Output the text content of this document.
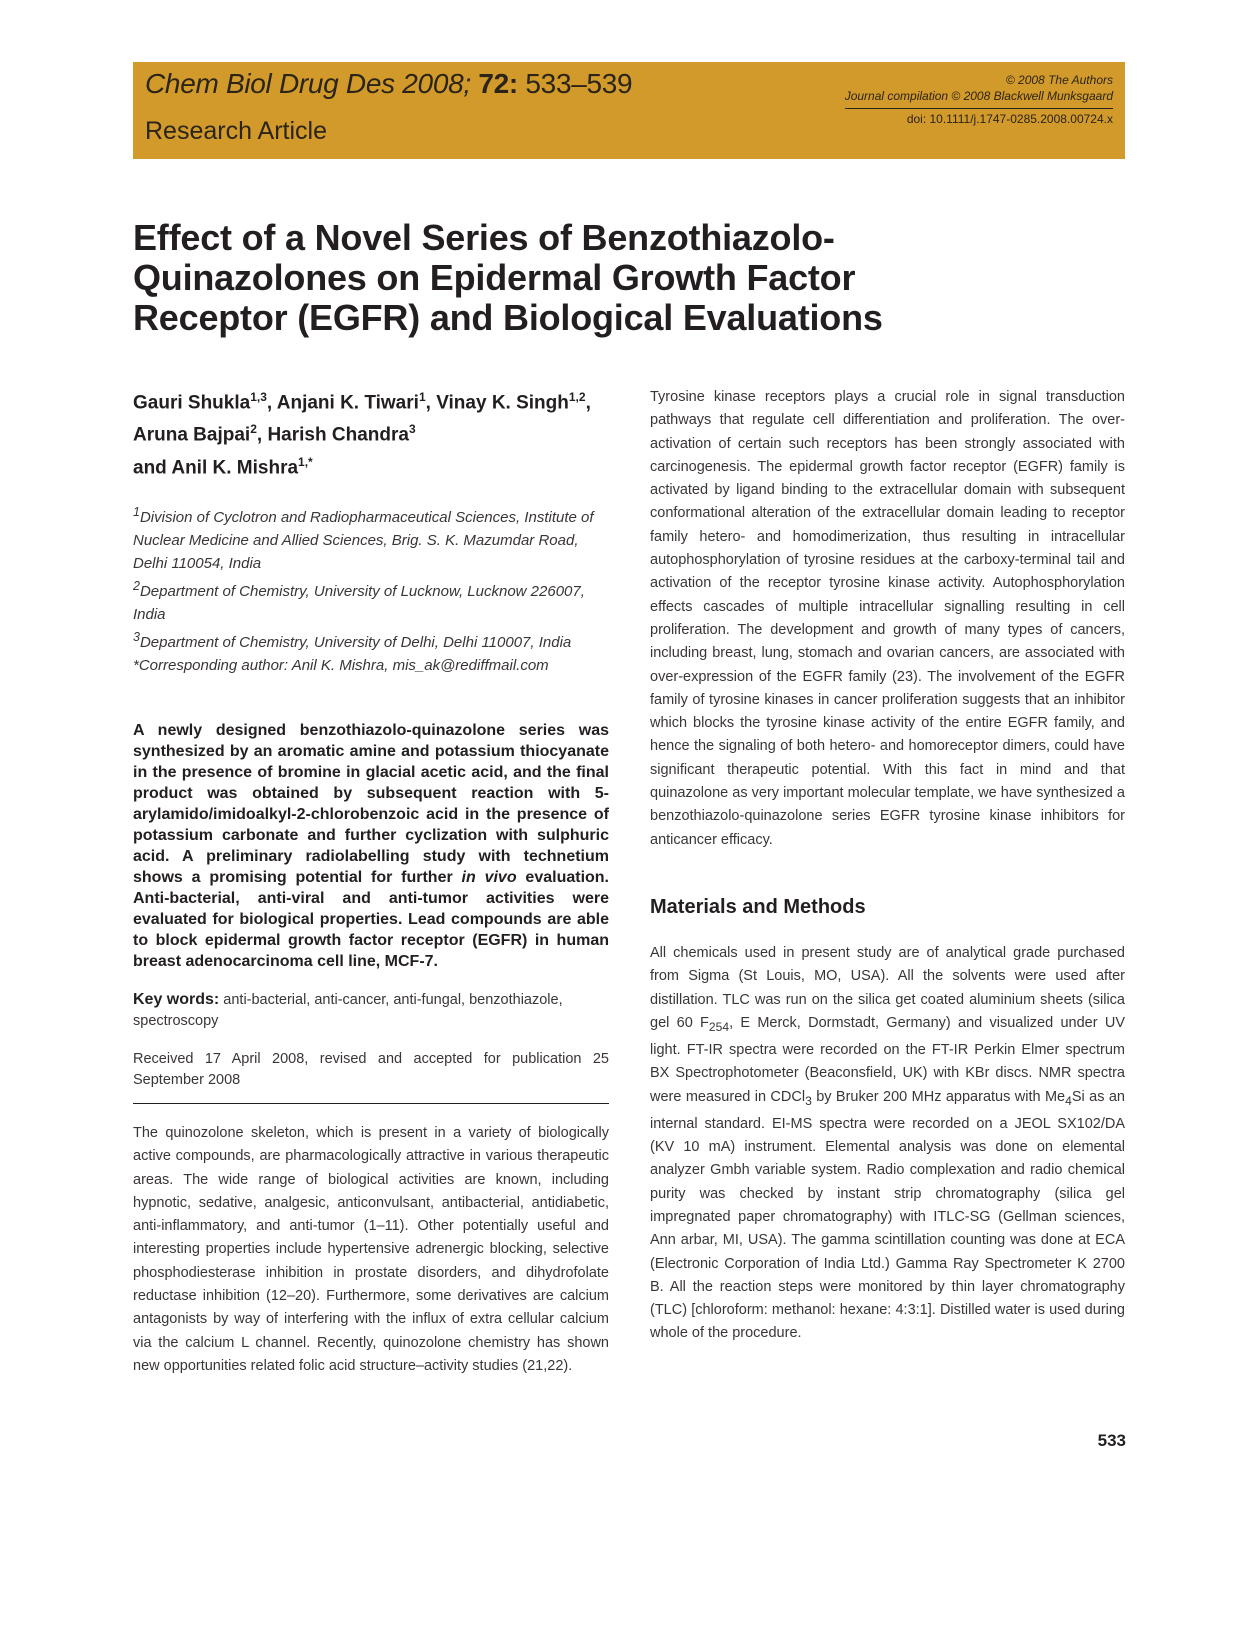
Chem Biol Drug Des 2008; 72: 533–539
Research Article
© 2008 The Authors
Journal compilation © 2008 Blackwell Munksgaard
doi: 10.1111/j.1747-0285.2008.00724.x
Effect of a Novel Series of Benzothiazolo-Quinazolones on Epidermal Growth Factor Receptor (EGFR) and Biological Evaluations

Gauri Shukla$^{1,3}$, Anjani K. Tiwari$^1$, Vinay K. Singh$^{1,2}$, Aruna Bajpai$^2$, Harish Chandra$^3$
and Anil K. Mishra$^{1,*}$

$^1$Division of Cyclotron and Radiopharmaceutical Sciences, Institute of Nuclear Medicine and Allied Sciences, Brig. S. K. Mazumdar Road, Delhi 110054, India
$^2$Department of Chemistry, University of Lucknow, Lucknow 226007, India
$^3$Department of Chemistry, University of Delhi, Delhi 110007, India
*Corresponding author: Anil K. Mishra, mis_ak@rediffmail.com

A newly designed benzothiazolo-quinazolone series was synthesized by an aromatic amine and potassium thiocyanate in the presence of bromine in glacial acetic acid, and the final product was obtained by subsequent reaction with 5-arylamido/imidoalkyl-2-chlorobenzoic acid in the presence of potassium carbonate and further cyclization with sulphuric acid. A preliminary radiolabelling study with technetium shows a promising potential for further in vivo evaluation. Anti-bacterial, anti-viral and anti-tumor activities were evaluated for biological properties. Lead compounds are able to block epidermal growth factor receptor (EGFR) in human breast adenocarcinoma cell line, MCF-7.

Key words: anti-bacterial, anti-cancer, anti-fungal, benzothiazole, spectroscopy
Received 17 April 2008, revised and accepted for publication 25 September 2008

The quinozolone skeleton, which is present in a variety of biologically active compounds, are pharmacologically attractive in various therapeutic areas. The wide range of biological activities are known, including hypnotic, sedative, analgesic, anticonvulsant, antibacterial, antidiabetic, anti-inflammatory, and anti-tumor (1–11). Other potentially useful and interesting properties include hypertensive adrenergic blocking, selective phosphodiesterase inhibition in prostate disorders, and dihydrofolate reductase inhibition (12–20). Furthermore, some derivatives are calcium antagonists by way of interfering with the influx of extra cellular calcium via the calcium L channel. Recently, quinozolone chemistry has shown new opportunities related folic acid structure–activity studies (21,22).

Tyrosine kinase receptors plays a crucial role in signal transduction pathways that regulate cell differentiation and proliferation. The over-activation of certain such receptors has been strongly associated with carcinogenesis. The epidermal growth factor receptor (EGFR) family is activated by ligand binding to the extracellular domain with subsequent conformational alteration of the extracellular domain leading to receptor family hetero- and homodimerization, thus resulting in intracellular autophosphorylation of tyrosine residues at the carboxy-terminal tail and activation of the receptor tyrosine kinase activity. Autophosphorylation effects cascades of multiple intracellular signalling resulting in cell proliferation. The development and growth of many types of cancers, including breast, lung, stomach and ovarian cancers, are associated with over-expression of the EGFR family (23). The involvement of the EGFR family of tyrosine kinases in cancer proliferation suggests that an inhibitor which blocks the tyrosine kinase activity of the entire EGFR family, and hence the signaling of both hetero- and homoreceptor dimers, could have significant therapeutic potential. With this fact in mind and that quinazolone as very important molecular template, we have synthesized a benzothiazolo-quinazolone series EGFR tyrosine kinase inhibitors for anticancer efficacy.

Materials and Methods

All chemicals used in present study are of analytical grade purchased from Sigma (St Louis, MO, USA). All the solvents were used after distillation. TLC was run on the silica get coated aluminium sheets (silica gel 60 $F_{254}$, E Merck, Dormstadt, Germany) and visualized under UV light. FT-IR spectra were recorded on the FT-IR Perkin Elmer spectrum BX Spectrophotometer (Beaconsfield, UK) with KBr discs. NMR spectra were measured in CDCl$_3$ by Bruker 200 MHz apparatus with $Me_4Si$ as an internal standard. EI-MS spectra were recorded on a JEOL SX102/DA (KV 10 mA) instrument. Elemental analysis was done on elemental analyzer Gmbh variable system. Radio complexation and radio chemical purity was checked by instant strip chromatography (silica gel impregnated paper chromatography) with ITLC-SG (Gellman sciences, Ann arbar, MI, USA). The gamma scintillation counting was done at ECA (Electronic Corporation of India Ltd.) Gamma Ray Spectrometer K 2700 B. All the reaction steps were monitored by thin layer chromatography (TLC) [chloroform: methanol: hexane: 4:3:1]. Distilled water is used during whole of the procedure.

533
